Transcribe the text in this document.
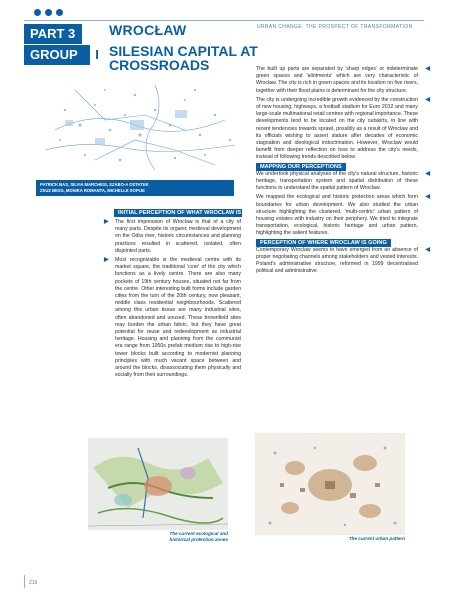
PART 3
GROUP	I
WROCŁAW
SILESIAN CAPITAL AT CROSSROADS
URBAN CHANGE: THE PROSPECT OF TRANSFORMATION
PATRICK BAS, SILVIA MARCHESI, SZABO-A OSTATEK
ZSUZ BESS, MONIKA ROMANTA, MICHELLE SOPIJE
INITIAL PERCEPTION OF WHAT WROCLAW IS
▶ The first impression of Wroclaw is that of a city of many parts. Despite its organic medieval development on the Odra river, historic circumstances and planning practices resulted in scattered, isolated, often disjointed parts.

▶ Most recognizable is the medieval centre with its market square, the traditional 'core' of the city which functions as a lively centre. There are also many pockets of 19th century houses, situated not far from the centre. Other interesting built forms include garden cities from the turn of the 20th century, now pleasant, middle class residential neighbourhoods. Scattered among this urban tissue are many industrial sites, often abandoned and unused. These brownfield sites may burden the urban fabric, but they have great potential for reuse and redevelopment as industrial heritage. Housing and planning from the communist era range from 1950s prefab medium rise to high-rise tower blocks built according to modernist planning principles with much vacant space between and around the blocks, disassociating them physically and socially from their surroundings.

◀

The built up parts are separated by 'sharp edges' or indeterminate green spaces and 'allotments' which are very characteristic of Wroclaw. The city is rich in green spaces and its location on five rivers, together with their flood plains is determinant for the city structure.

◀

The city is undergoing incredible growth evidenced by the construction of new housing, highways, a football stadium for Euro 2012 and many large-scale multinational retail centres with regional importance. These developments tend to be located on the city outskirts, in line with recent tendencies towards sprawl, possibly as a result of Wroclaw and its officials wishing to assert stature after decades of economic stagnation and ideological indoctrination. However, Wroclaw would benefit from deeper reflection on how to address the city's needs, instead of following trends described below.

MAPPING OUR PERCEPTIONS
◀

We undertook physical analyses of the city's natural structure, historic heritage, transportation system and spatial distribution of these functions to understand the spatial pattern of Wroclaw.

◀

We mapped the ecological and historic protection areas which form boundaries for urban development. We also studied the urban structure highlighting the clustered, 'multi-centric' urban pattern of housing estates with industry on their periphery. We tried to integrate transportation, ecological, historic heritage and urban pattern, highlighting the salient features.

PERCEPTION OF WHERE WROCLAW IS GOING
◀

Contemporary Wroclaw seems to have emerged from an absence of proper negotiating channels among stakeholders and vested interests. Poland's administrative structure, reformed in 1999 decentralised political and administrative

The current ecological and historical protection zones	The current urban pattern
216
